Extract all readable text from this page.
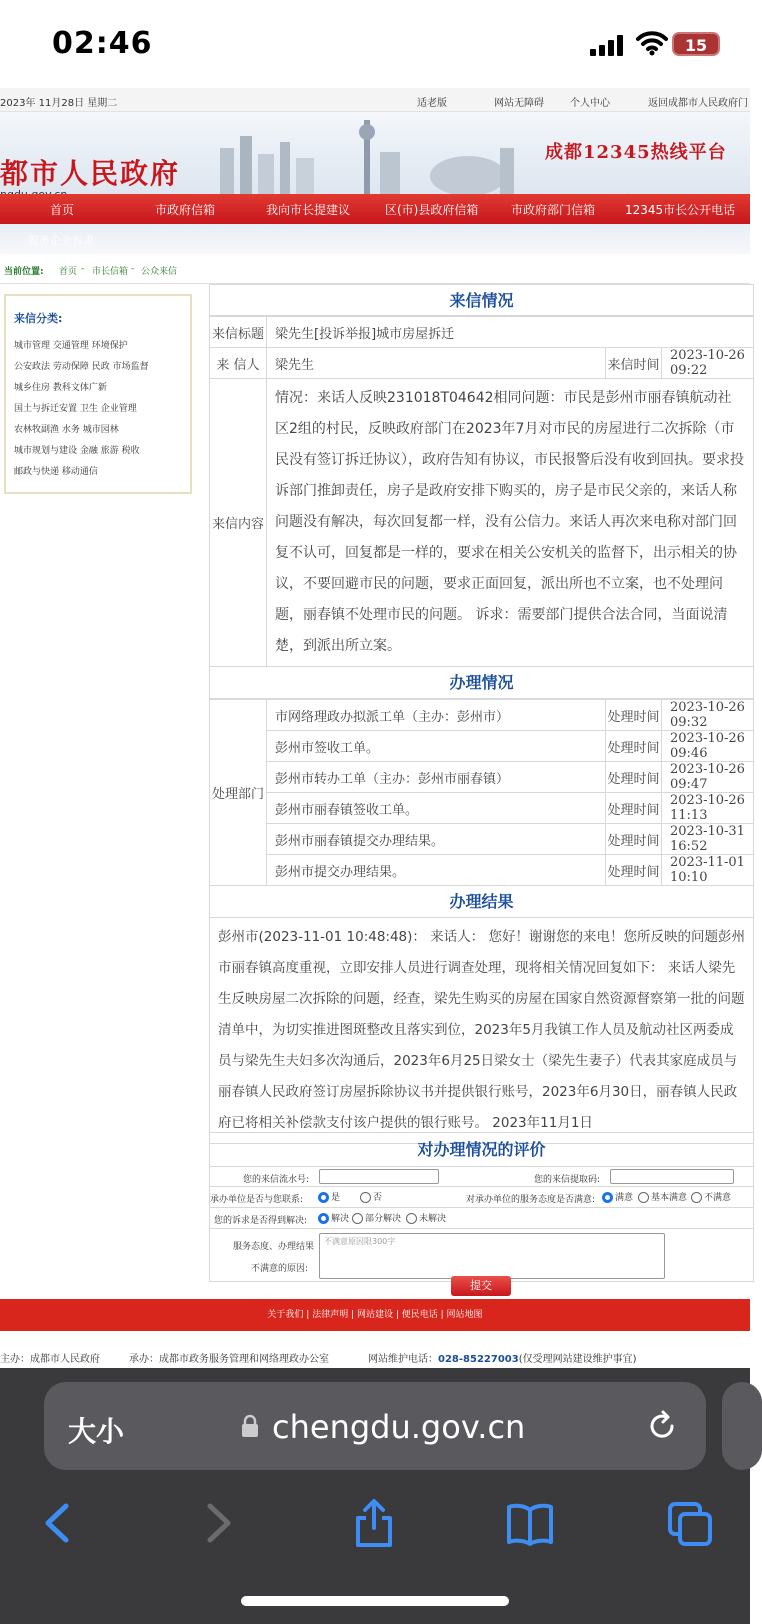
02:46	15
2023年 11月28日 星期二	适老版	网站无障碍	个人中心	返回成都市人民政府门
都市人民政府
成都12345热线平台
首页	市政府信箱	我向市长提建议	区(市)县政府信箱	市政府部门信箱 12345市长公开电话
服务企业诉求
当前位置: 首页 - 市长信箱 - 公众来信
来信分类:

城市管理 交通管理 环境保护

公安政法 劳动保障 民政 市场监督

城乡住房 教科文体广新

国土与拆迁安置 卫生 企业管理

农林牧副渔 水务 城市园林

城市规划与建设 金融 旅游 税收

邮政与快递 移动通信

来信情况
来信标题	梁先生[投诉举报]城市房屋拆迁		
来 信人	梁先生	来信时间	2023-10-26 09:22
来信内容	情况：来话人反映231018T04642相同问题：市民是彭州市丽春镇航动社区2组的村民，反映政府部门在2023年7月对市民的房屋进行二次拆除（市民没有签订拆迁协议），政府告知有协议，市民报警后没有收到回执。要求投诉部门推卸责任，房子是政府安排下购买的，房子是市民父亲的，来话人称问题没有解决，每次回复都一样，没有公信力。来话人再次来电称对部门回复不认可，回复都是一样的，要求在相关公安机关的监督下，出示相关的协议，不要回避市民的问题，要求正面回复，派出所也不立案，也不处理问题，丽春镇不处理市民的问题。 诉求：需要部门提供合法合同，当面说清楚，到派出所立案。		
办理情况
处理部门	市网络理政办拟派工单（主办：彭州市）	处理时间	2023-10-26 09:32
	彭州市签收工单。	处理时间	2023-10-26 09:46
	彭州市转办工单（主办：彭州市丽春镇）	处理时间	2023-10-26 09:47
	彭州市丽春镇签收工单。	处理时间	2023-10-26 11:13
	彭州市丽春镇提交办理结果。	处理时间	2023-10-31 16:52
	彭州市提交办理结果。	处理时间	2023-11-01 10:10
办理结果
彭州市(2023-11-01 10:48:48)： 来话人： 您好！谢谢您的来电！您所反映的问题彭州市丽春镇高度重视，立即安排人员进行调查处理，现将相关情况回复如下： 来话人梁先生反映房屋二次拆除的问题，经查，梁先生购买的房屋在国家自然资源督察第一批的问题清单中，为切实推进图斑整改且落实到位，2023年5月我镇工作人员及航动社区两委成员与梁先生夫妇多次沟通后，2023年6月25日梁女士（梁先生妻子）代表其家庭成员与丽春镇人民政府签订房屋拆除协议书并提供银行账号，2023年6月30日，丽春镇人民政府已将相关补偿款支付该户提供的银行账号。 2023年11月1日
对办理情况的评价
您的来信流水号:	您的来信提取码:
承办单位是否与您联系:	是	否	对承办单位的服务态度是否满意:	满意	基本满意	不满意
您的诉求是否得到解决:	解决	部分解决	未解决
服务态度、办理结果
不满意的原因:
不满意原因限300字
提交
关于我们 | 法律声明 | 网站建设 | 便民电话 | 网站地图
主办：成都市人民政府	承办：成都市政务服务管理和网络理政办公室	网站维护电话：028-85227003(仅受理网站建设维护事宜)
大小	chengdu.gov.cn
